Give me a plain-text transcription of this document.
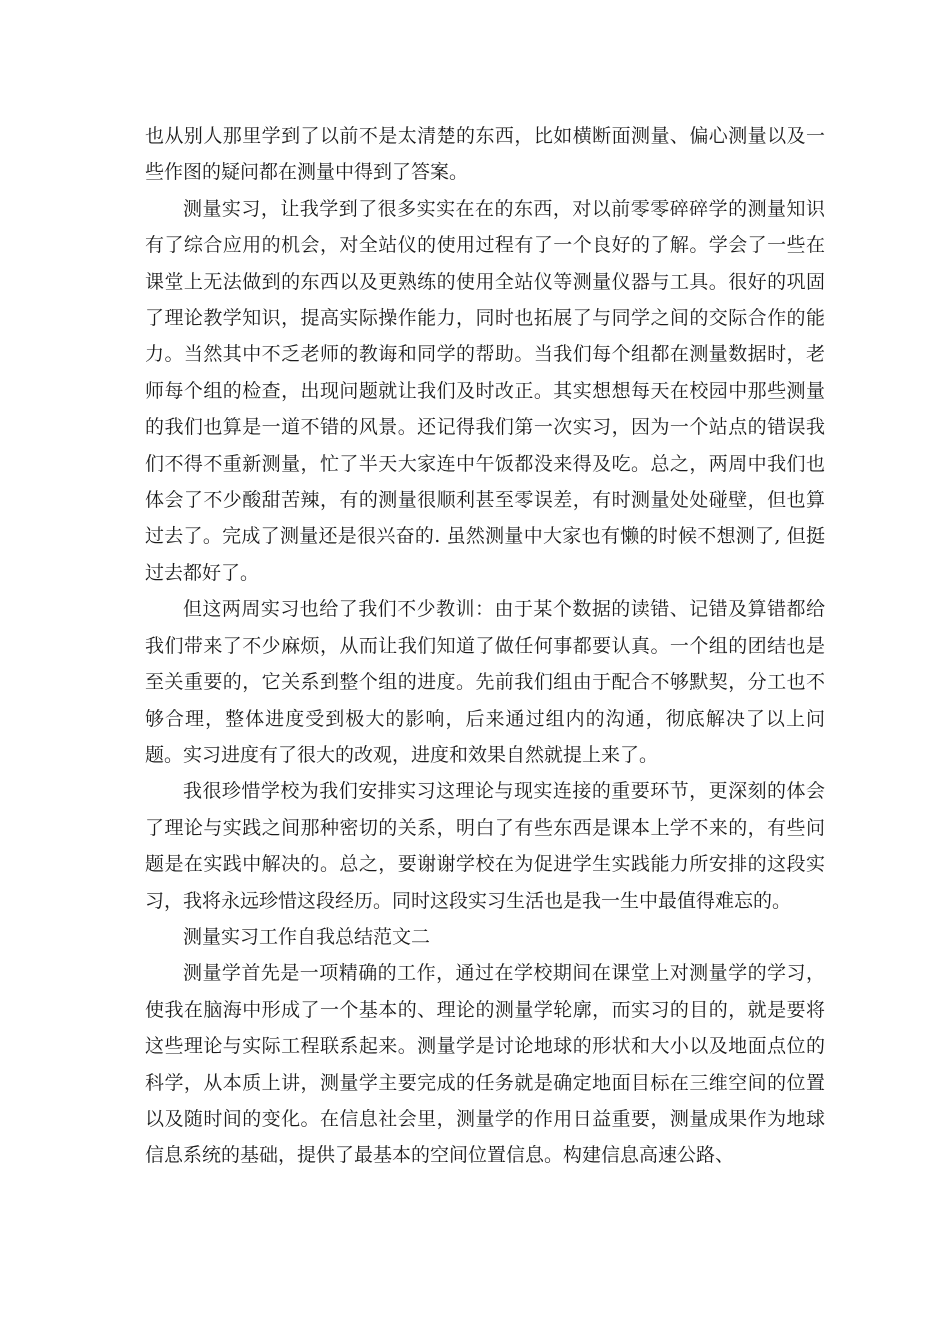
也从别人那里学到了以前不是太清楚的东西，比如横断面测量、偏心测量以及一些作图的疑问都在测量中得到了答案。

测量实习，让我学到了很多实实在在的东西，对以前零零碎碎学的测量知识有了综合应用的机会，对全站仪的使用过程有了一个良好的了解。学会了一些在课堂上无法做到的东西以及更熟练的使用全站仪等测量仪器与工具。很好的巩固了理论教学知识，提高实际操作能力，同时也拓展了与同学之间的交际合作的能力。当然其中不乏老师的教诲和同学的帮助。当我们每个组都在测量数据时，老师每个组的检查，出现问题就让我们及时改正。其实想想每天在校园中那些测量的我们也算是一道不错的风景。还记得我们第一次实习，因为一个站点的错误我们不得不重新测量，忙了半天大家连中午饭都没来得及吃。总之，两周中我们也体会了不少酸甜苦辣，有的测量很顺利甚至零误差，有时测量处处碰壁，但也算过去了。完成了测量还是很兴奋的. 虽然测量中大家也有懒的时候不想测了, 但挺过去都好了。

但这两周实习也给了我们不少教训：由于某个数据的读错、记错及算错都给我们带来了不少麻烦，从而让我们知道了做任何事都要认真。一个组的团结也是至关重要的，它关系到整个组的进度。先前我们组由于配合不够默契，分工也不够合理，整体进度受到极大的影响，后来通过组内的沟通，彻底解决了以上问题。实习进度有了很大的改观，进度和效果自然就提上来了。

我很珍惜学校为我们安排实习这理论与现实连接的重要环节，更深刻的体会了理论与实践之间那种密切的关系，明白了有些东西是课本上学不来的，有些问题是在实践中解决的。总之，要谢谢学校在为促进学生实践能力所安排的这段实习，我将永远珍惜这段经历。同时这段实习生活也是我一生中最值得难忘的。

测量实习工作自我总结范文二

测量学首先是一项精确的工作，通过在学校期间在课堂上对测量学的学习，使我在脑海中形成了一个基本的、理论的测量学轮廓，而实习的目的，就是要将这些理论与实际工程联系起来。测量学是讨论地球的形状和大小以及地面点位的科学，从本质上讲，测量学主要完成的任务就是确定地面目标在三维空间的位置以及随时间的变化。在信息社会里，测量学的作用日益重要，测量成果作为地球信息系统的基础，提供了最基本的空间位置信息。构建信息高速公路、
